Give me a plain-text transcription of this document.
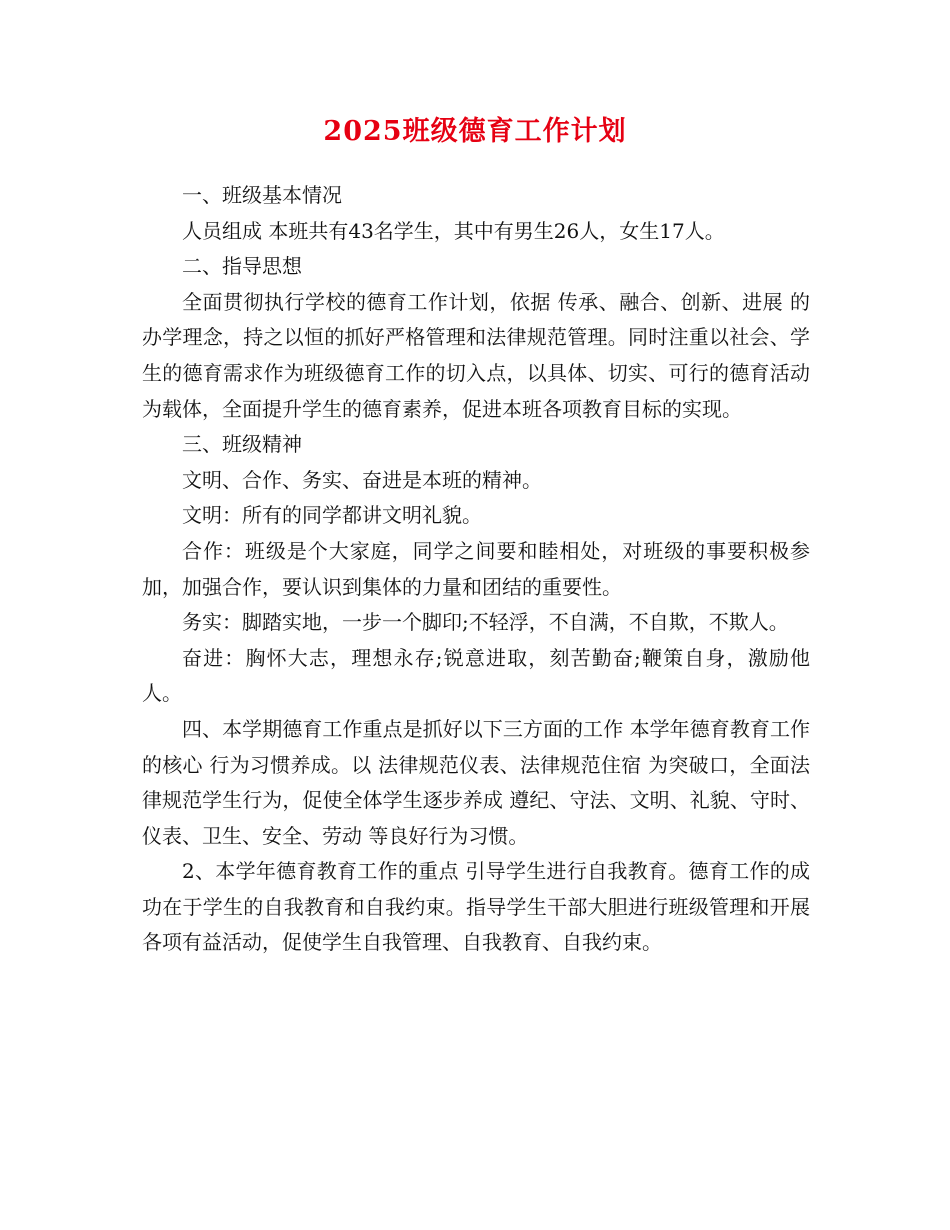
2025班级德育工作计划

一、班级基本情况

人员组成 本班共有43名学生，其中有男生26人，女生17人。

二、指导思想

全面贯彻执行学校的德育工作计划，依据 传承、融合、创新、进展 的办学理念，持之以恒的抓好严格管理和法律规范管理。同时注重以社会、学生的德育需求作为班级德育工作的切入点，以具体、切实、可行的德育活动为载体，全面提升学生的德育素养，促进本班各项教育目标的实现。

三、班级精神

文明、合作、务实、奋进是本班的精神。

文明：所有的同学都讲文明礼貌。

合作：班级是个大家庭，同学之间要和睦相处，对班级的事要积极参加，加强合作，要认识到集体的力量和团结的重要性。

务实：脚踏实地，一步一个脚印;不轻浮，不自满，不自欺，不欺人。

奋进：胸怀大志，理想永存;锐意进取，刻苦勤奋;鞭策自身，激励他人。

四、本学期德育工作重点是抓好以下三方面的工作 本学年德育教育工作的核心 行为习惯养成。以 法律规范仪表、法律规范住宿 为突破口，全面法律规范学生行为，促使全体学生逐步养成 遵纪、守法、文明、礼貌、守时、仪表、卫生、安全、劳动 等良好行为习惯。

2、本学年德育教育工作的重点 引导学生进行自我教育。德育工作的成功在于学生的自我教育和自我约束。指导学生干部大胆进行班级管理和开展各项有益活动，促使学生自我管理、自我教育、自我约束。
